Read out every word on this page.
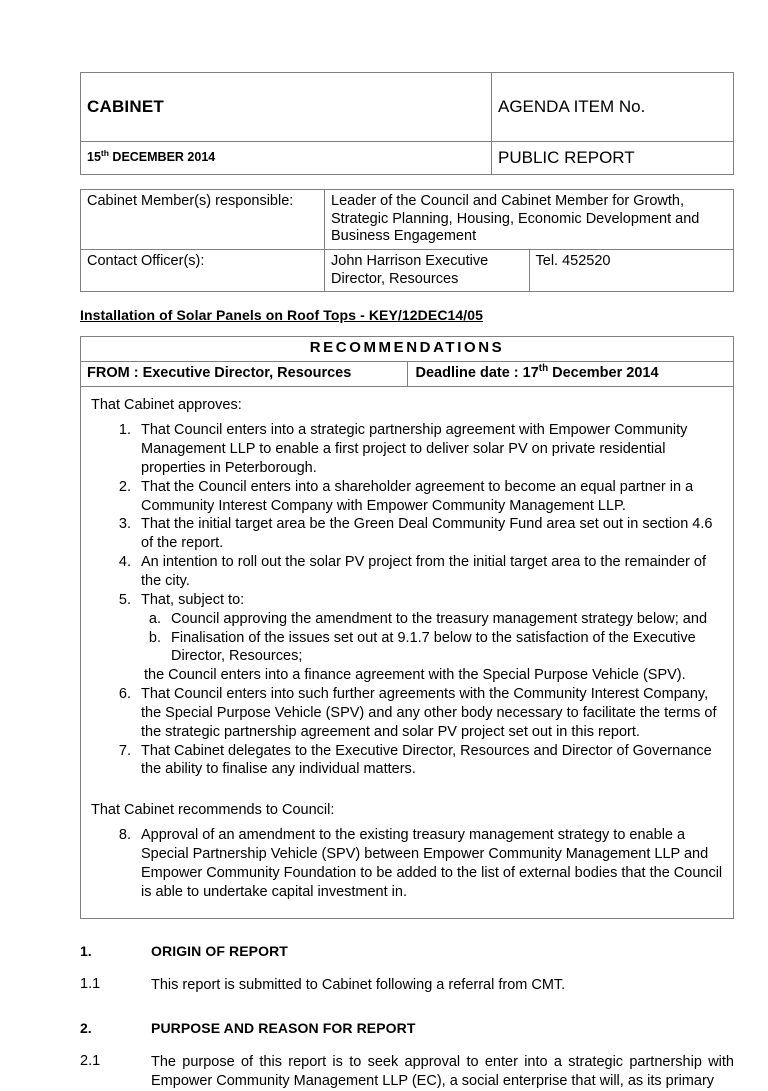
CABINET	AGENDA ITEM No.
15th DECEMBER 2014	PUBLIC REPORT
Cabinet Member(s) responsible:	Leader of the Council and Cabinet Member for Growth, Strategic Planning, Housing, Economic Development and Business Engagement	
Contact Officer(s):	John Harrison Executive Director, Resources	Tel. 452520
Installation of Solar Panels on Roof Tops - KEY/12DEC14/05
RECOMMENDATIONS
FROM : Executive Director, Resources	Deadline date : 17th December 2014

That Cabinet approves:

1. That Council enters into a strategic partnership agreement with Empower Community Management LLP to enable a first project to deliver solar PV on private residential properties in Peterborough.
2. That the Council enters into a shareholder agreement to become an equal partner in a Community Interest Company with Empower Community Management LLP.
3. That the initial target area be the Green Deal Community Fund area set out in section 4.6 of the report.
4. An intention to roll out the solar PV project from the initial target area to the remainder of the city.
5. That, subject to:
a. Council approving the amendment to the treasury management strategy below; and
b. Finalisation of the issues set out at 9.1.7 below to the satisfaction of the Executive Director, Resources;
the Council enters into a finance agreement with the Special Purpose Vehicle (SPV).
6. That Council enters into such further agreements with the Community Interest Company, the Special Purpose Vehicle (SPV) and any other body necessary to facilitate the terms of the strategic partnership agreement and solar PV project set out in this report.
7. That Cabinet delegates to the Executive Director, Resources and Director of Governance the ability to finalise any individual matters.

That Cabinet recommends to Council:

8. Approval of an amendment to the existing treasury management strategy to enable a Special Partnership Vehicle (SPV) between Empower Community Management LLP and Empower Community Foundation to be added to the list of external bodies that the Council is able to undertake capital investment in.
1.	ORIGIN OF REPORT
1.1	This report is submitted to Cabinet following a referral from CMT.
2.	PURPOSE AND REASON FOR REPORT
2.1	The purpose of this report is to seek approval to enter into a strategic partnership with Empower Community Management LLP (EC), a social enterprise that will, as its primary
